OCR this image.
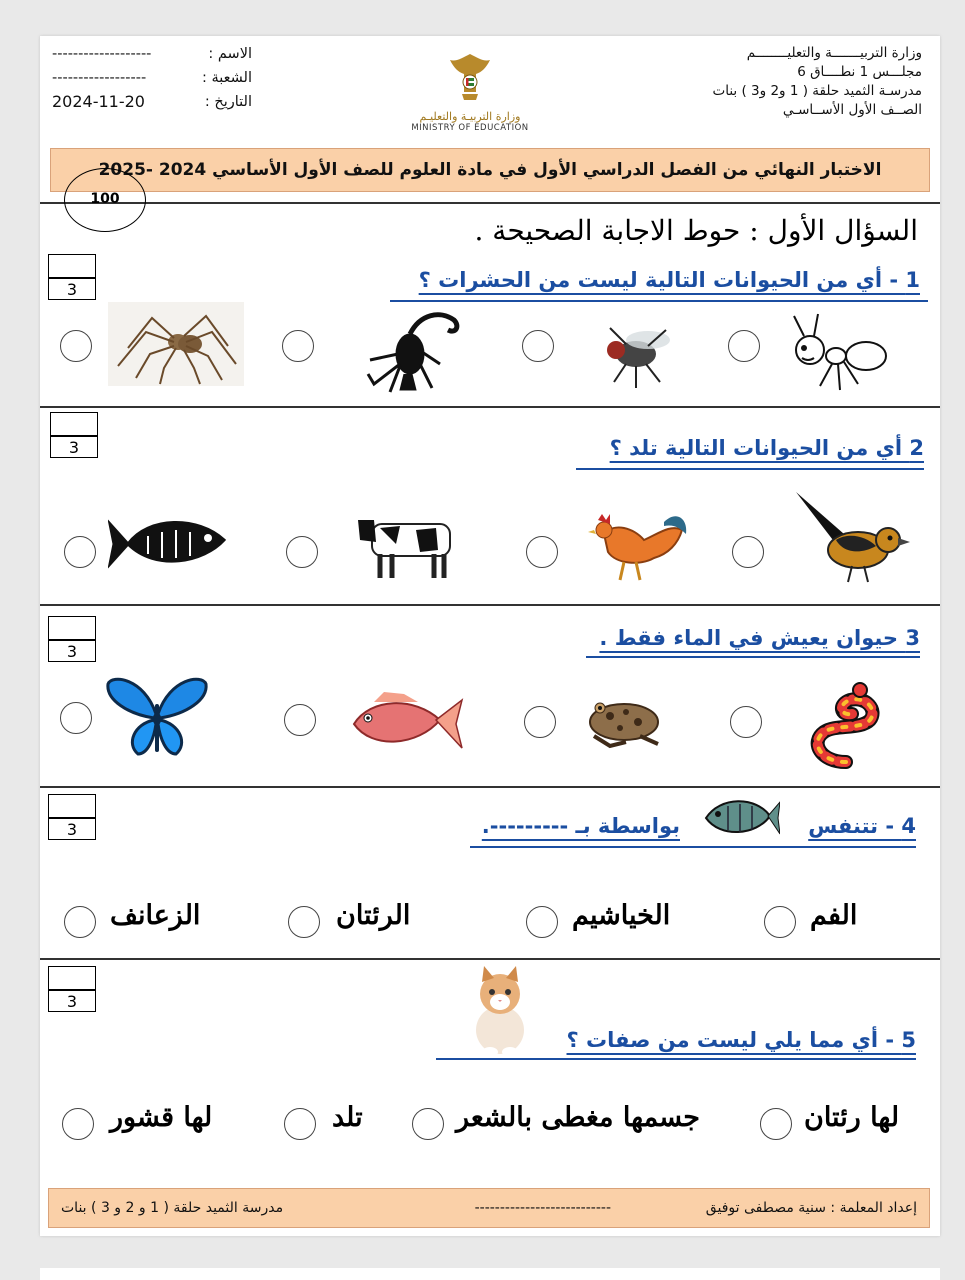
وزارة التربيـــــــة والتعليــــــــم
مجلـــس 1 نطــــاق 6
مدرسـة الثميد حلقة ( 1 و2 و3 ) بنات
الصــف الأول الأســاسـي
وزارة التربيـة والتعليـم
MINISTRY OF EDUCATION
-------------------	الاسم :
------------------	الشعبة :
2024-11-20	التاريخ :
الاختبار النهائي من الفصل الدراسي الأول في مادة العلوم للصف الأول الأساسي 2024 -2025
100
السؤال الأول : حوط الاجابة الصحيحة .
3	1 - أي من الحيوانات التالية ليست من الحشرات ؟
3	2 أي من الحيوانات التالية تلد ؟
3
3 حيوان يعيش في الماء فقط .
3	4 - تتنفس
بواسطة بـ ---------.
الزعانف	الرئتان	الخياشيم	الفم
3
5 - أي مما يلي ليست من صفات ؟
لها قشور	تلد	جسمها مغطى بالشعر	لها رئتان
إعداد المعلمة : سنية مصطفى توفيق
---------------------------
مدرسة الثميد حلقة ( 1 و 2 و 3 ) بنات
